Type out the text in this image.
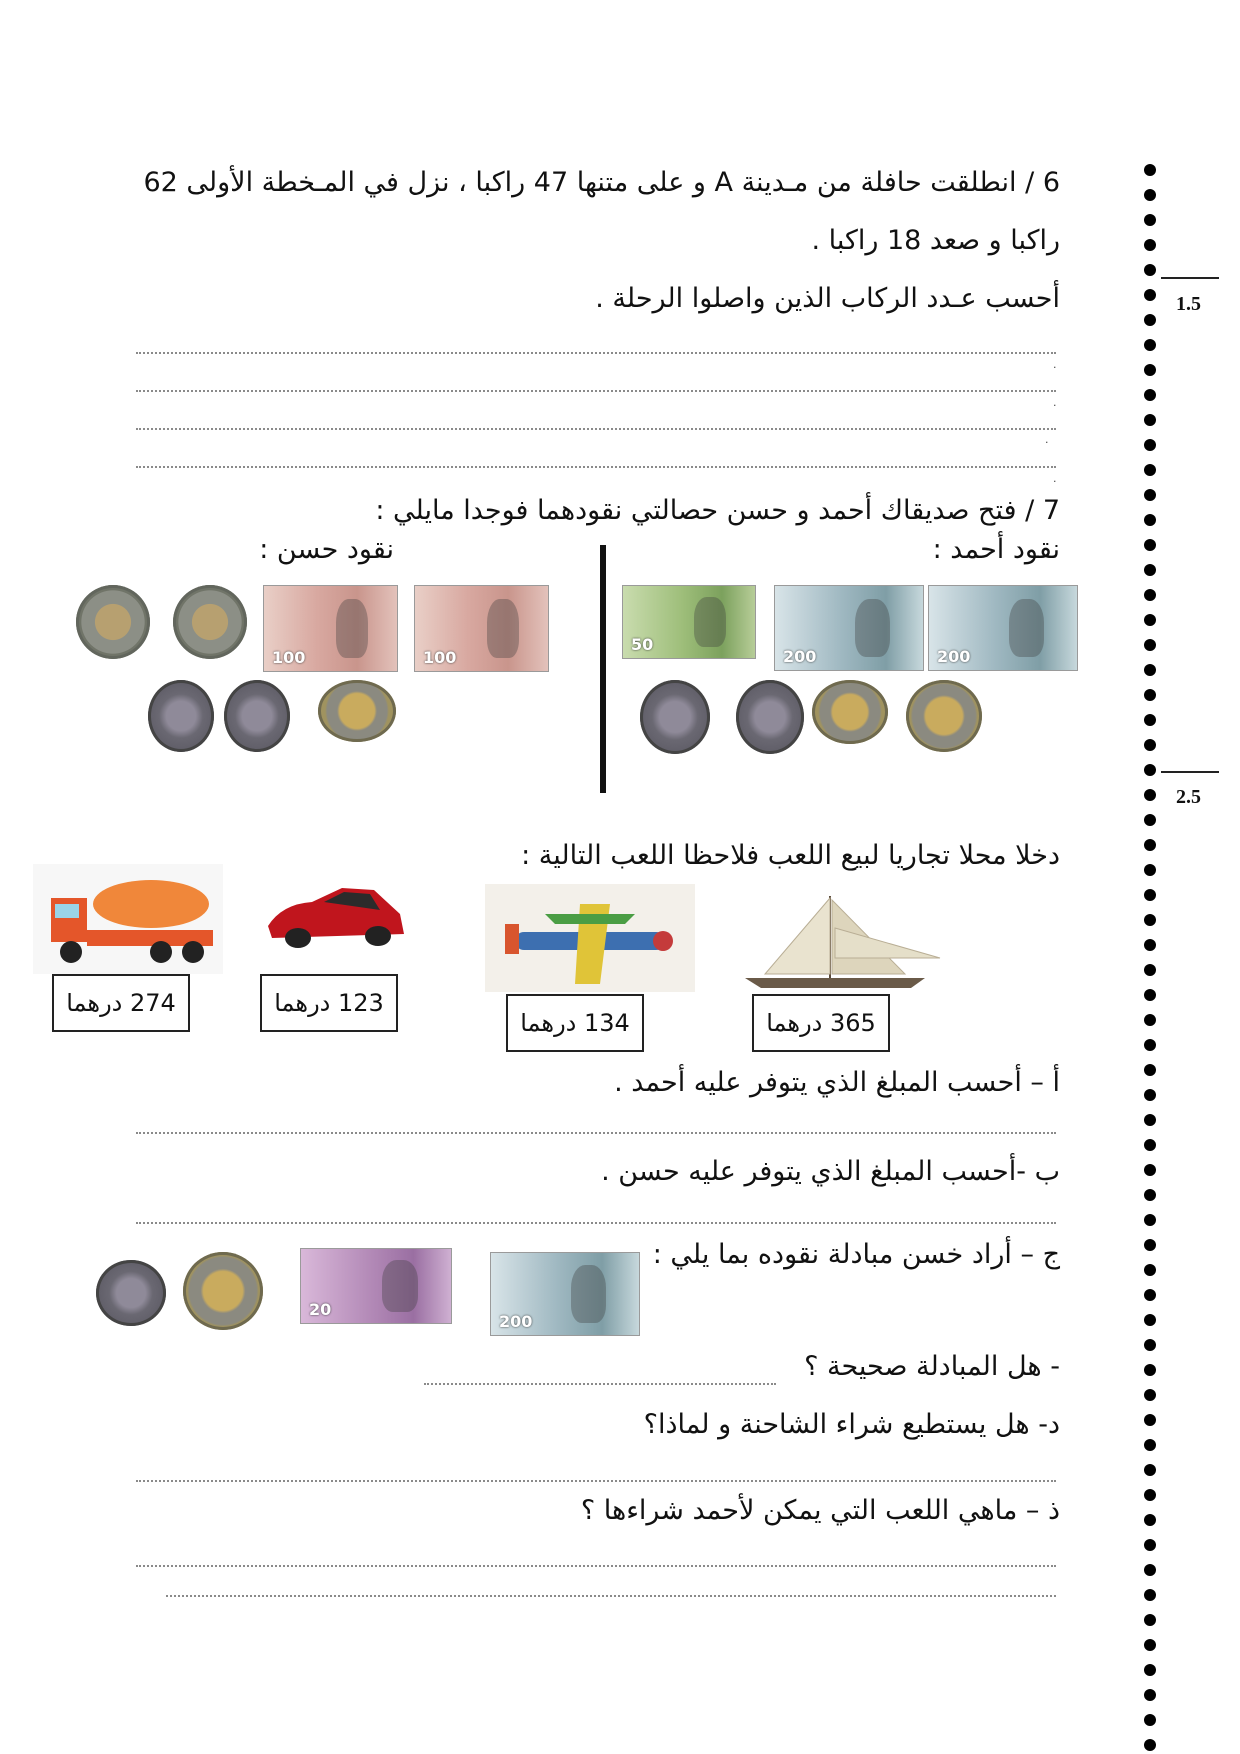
1.5
2.5
6 / انطلقت حافلة من مـدينة A و على متنها 47 راكبا ، نزل في المـخطة الأولى 62
راكبا و صعد 18 راكبا .
أحسب عـدد الركاب الذين واصلوا الرحلة .
.
.
.
.
7 / فتح صديقاك أحمد و حسن حصالتي نقودهما فوجدا مايلي :
نقود أحمد :
نقود حسن :
100	100
50
200	200
دخلا محلا تجاريا لبيع اللعب فلاحظا اللعب التالية :
365 درهما
134 درهما
123 درهما
274 درهما
أ – أحسب المبلغ الذي يتوفر عليه أحمد .
ب -أحسب المبلغ الذي يتوفر عليه حسن .
ج – أراد خسن مبادلة نقوده بما يلي :
200
20
- هل المبادلة صحيحة ؟
د- هل يستطيع شراء الشاحنة و لماذا؟
ذ – ماهي اللعب التي يمكن لأحمد شراءها ؟
